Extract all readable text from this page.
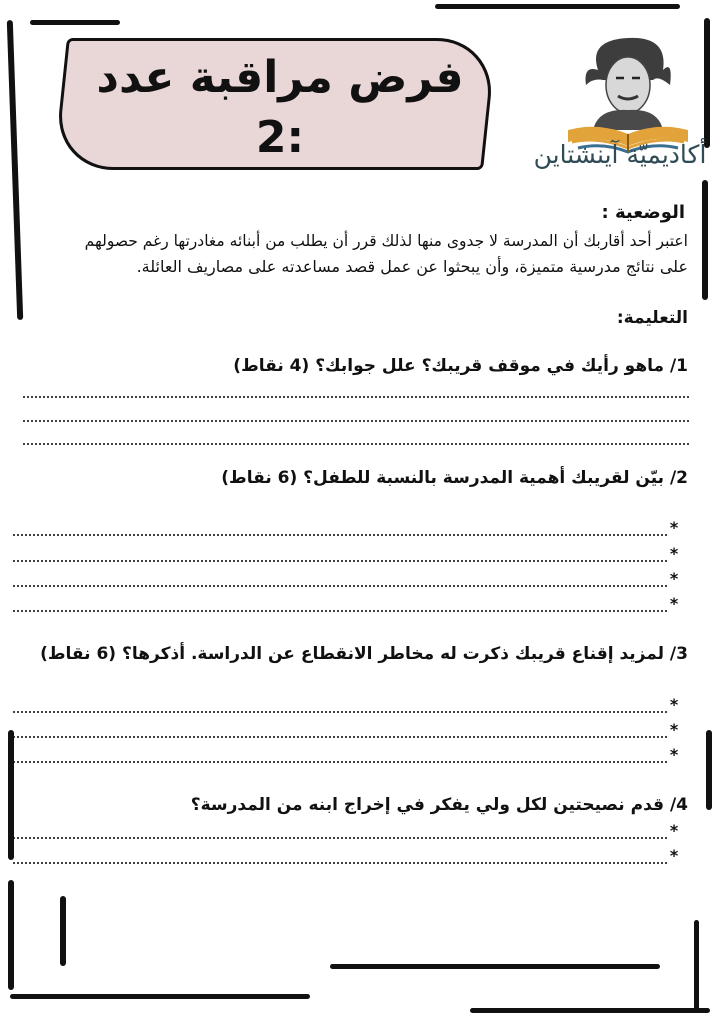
فرض مراقبة عدد :2	أكاديميّة آينشتاين
الوضعية :
اعتبر أحد أقاربك أن المدرسة لا جدوى منها لذلك قرر أن يطلب من أبنائه مغادرتها رغم حصولهم
على نتائج مدرسية متميزة، وأن يبحثوا عن عمل قصد مساعدته على مصاريف العائلة.
التعليمة:
1/ ماهو رأيك في موقف قريبك؟ علل جوابك؟ (4 نقاط)
2/ بيّن لقريبك أهمية المدرسة بالنسبة للطفل؟ (6 نقاط)
*
*
*
*
3/ لمزيد إقناع قريبك ذكرت له مخاطر الانقطاع عن الدراسة. أذكرها؟ (6 نقاط)
*
*
*
4/ قدم نصيحتين لكل ولي يفكر في إخراج ابنه من المدرسة؟
*
*
